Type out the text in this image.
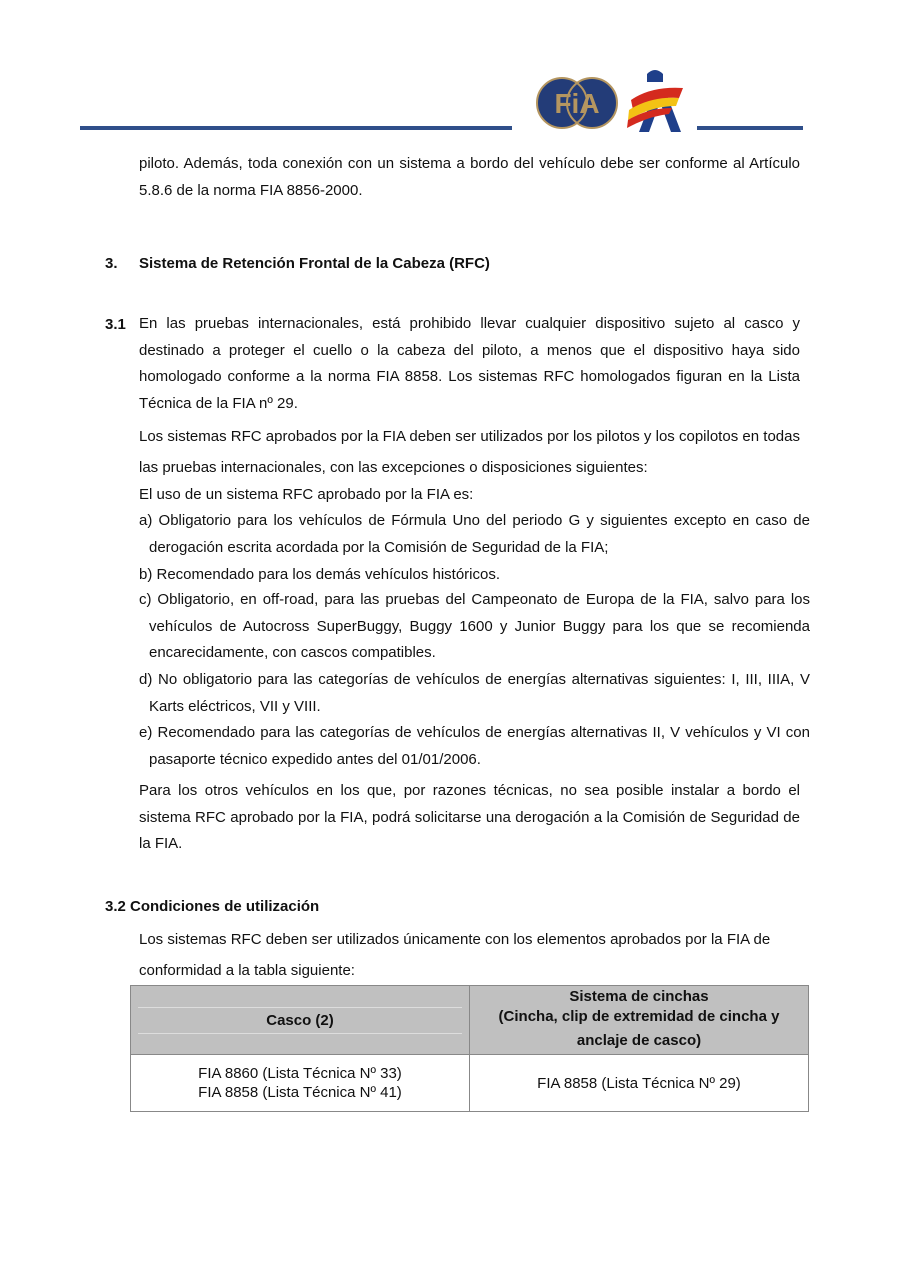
FiA
piloto. Además, toda conexión con un sistema a bordo del vehículo debe ser conforme al Artículo 5.8.6 de la norma FIA 8856-2000.
3. Sistema de Retención Frontal de la Cabeza (RFC)
3.1 En las pruebas internacionales, está prohibido llevar cualquier dispositivo sujeto al casco y destinado a proteger el cuello o la cabeza del piloto, a menos que el dispositivo haya sido homologado conforme a la norma FIA 8858. Los sistemas RFC homologados figuran en la Lista Técnica de la FIA nº 29.
Los sistemas RFC aprobados por la FIA deben ser utilizados por los pilotos y los copilotos en todas las pruebas internacionales, con las excepciones o disposiciones siguientes:
El uso de un sistema RFC aprobado por la FIA es:
a) Obligatorio para los vehículos de Fórmula Uno del periodo G y siguientes excepto en caso de derogación escrita acordada por la Comisión de Seguridad de la FIA;
b) Recomendado para los demás vehículos históricos.
c) Obligatorio, en off-road, para las pruebas del Campeonato de Europa de la FIA, salvo para los vehículos de Autocross SuperBuggy, Buggy 1600 y Junior Buggy para los que se recomienda encarecidamente, con cascos compatibles.
d) No obligatorio para las categorías de vehículos de energías alternativas siguientes: I, III, IIIA, V Karts eléctricos, VII y VIII.
e) Recomendado para las categorías de vehículos de energías alternativas II, V vehículos y VI con pasaporte técnico expedido antes del 01/01/2006.
Para los otros vehículos en los que, por razones técnicas, no sea posible instalar a bordo el sistema RFC aprobado por la FIA, podrá solicitarse una derogación a la Comisión de Seguridad de la FIA.
3.2 Condiciones de utilización
Los sistemas RFC deben ser utilizados únicamente con los elementos aprobados por la FIA de conformidad a la tabla siguiente:
Casco (2)	Sistema de cinchas
(Cincha, clip de extremidad de cincha y anclaje de casco)

FIA 8860 (Lista Técnica Nº 33)
FIA 8858 (Lista Técnica Nº 41)	FIA 8858 (Lista Técnica Nº 29)
